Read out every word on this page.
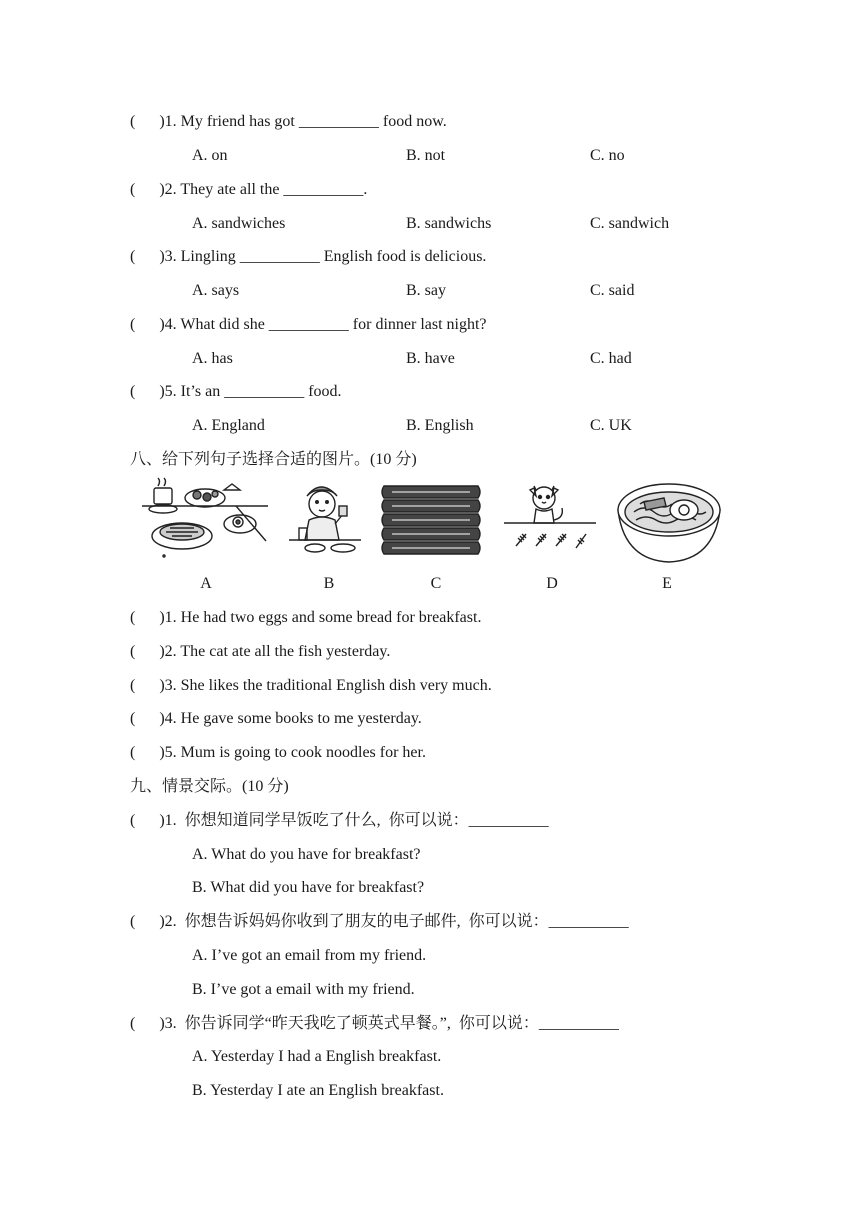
(      )1. My friend has got __________ food now.
A. on	B. not	C. no
(      )2. They ate all the __________.
A. sandwiches	B. sandwichs	C. sandwich
(      )3. Lingling __________ English food is delicious.
A. says	B. say	C. said
(      )4. What did she __________ for dinner last night?
A. has	B. have	C. had
(      )5. It’s an __________ food.
A. England	B. English	C. UK
八、给下列句子选择合适的图片。(10 分)
A	B	C	D	E
(      )1. He had two eggs and some bread for breakfast.
(      )2. The cat ate all the fish yesterday.
(      )3. She likes the traditional English dish very much.
(      )4. He gave some books to me yesterday.
(      )5. Mum is going to cook noodles for her.
九、情景交际。(10 分)
(      )1.  你想知道同学早饭吃了什么,  你可以说：__________
A. What do you have for breakfast?
B. What did you have for breakfast?
(      )2.  你想告诉妈妈你收到了朋友的电子邮件,  你可以说：__________
A. I’ve got an email from my friend.
B. I’ve got a email with my friend.
(      )3.  你告诉同学“昨天我吃了顿英式早餐。”,  你可以说：__________
A. Yesterday I had a English breakfast.
B. Yesterday I ate an English breakfast.
